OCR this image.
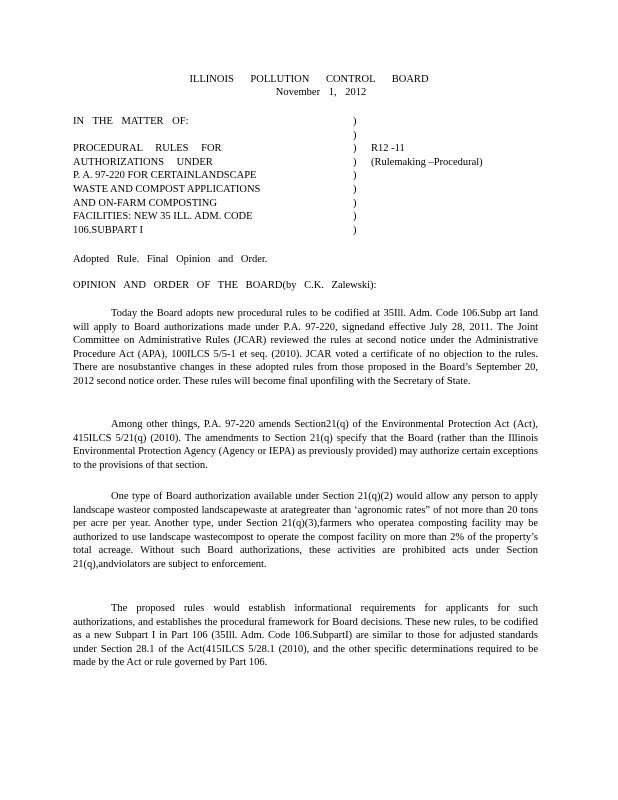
ILLINOIS POLLUTION CONTROL BOARD
November 1, 2012
IN THE MATTER OF:
PROCEDURAL RULES FOR
AUTHORIZATIONS UNDER
P. A. 97-220 FOR CERTAINLANDSCAPE
WASTE AND COMPOST APPLICATIONS
AND ON-FARM COMPOSTING
FACILITIES: NEW 35 ILL. ADM. CODE
106.SUBPART I
)
)
)
)
)
)
)
)
)
R12 -11
(Rulemaking –Procedural)
Adopted Rule. Final Opinion and Order.
OPINION AND ORDER OF THE BOARD(by C.K. Zalewski):
Today the Board adopts new procedural rules to be codified at 35Ill. Adm. Code 106.Subp art Iand will apply to Board authorizations made under P.A. 97-220, signedand effective July 28, 2011. The Joint Committee on Administrative Rules (JCAR) reviewed the rules at second notice under the Administrative Procedure Act (APA), 100ILCS 5/5-1 et seq. (2010). JCAR voted a certificate of no objection to the rules. There are nosubstantive changes in these adopted rules from those proposed in the Board’s September 20, 2012 second notice order. These rules will become final uponfiling with the Secretary of State.
Among other things, P.A. 97-220 amends Section21(q) of the Environmental Protection Act (Act), 415ILCS 5/21(q) (2010). The amendments to Section 21(q) specify that the Board (rather than the Illinois Environmental Protection Agency (Agency or IEPA) as previously provided) may authorize certain exceptions to the provisions of that section.
One type of Board authorization available under Section 21(q)(2) would allow any person to apply landscape wasteor composted landscapewaste at arategreater than ‘agronomic rates” of not more than 20 tons per acre per year. Another type, under Section 21(q)(3),farmers who operatea composting facility may be authorized to use landscape wastecompost to operate the compost facility on more than 2% of the property’s total acreage. Without such Board authorizations, these activities are prohibited acts under Section 21(q),andviolators are subject to enforcement.
The proposed rules would establish informational requirements for applicants for such authorizations, and establishes the procedural framework for Board decisions. These new rules, to be codified as a new Subpart I in Part 106 (35Ill. Adm. Code 106.SubpartI) are similar to those for adjusted standards under Section 28.1 of the Act(415ILCS 5/28.1 (2010), and the other specific determinations required to be made by the Act or rule governed by Part 106.
